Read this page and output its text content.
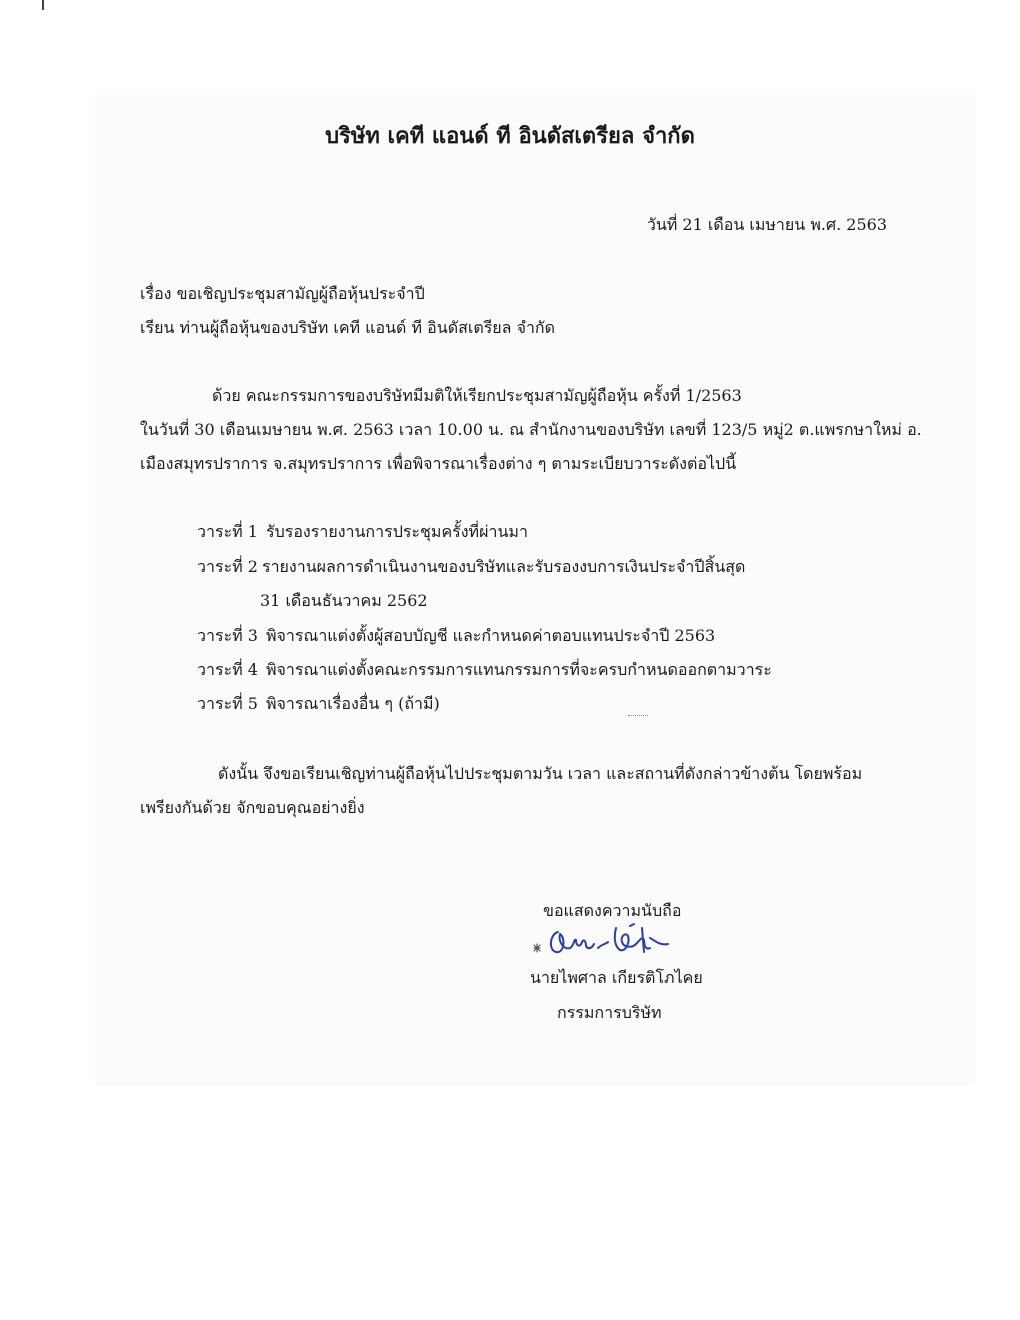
บริษัท เคที แอนด์ ที อินดัสเตรียล จำกัด
วันที่ 21 เดือน เมษายน พ.ศ. 2563
เรื่อง ขอเชิญประชุมสามัญผู้ถือหุ้นประจำปี
เรียน ท่านผู้ถือหุ้นของบริษัท เคที แอนด์ ที อินดัสเตรียล จำกัด
ด้วย คณะกรรมการของบริษัทมีมติให้เรียกประชุมสามัญผู้ถือหุ้น ครั้งที่ 1/2563
ในวันที่ 30 เดือนเมษายน พ.ศ. 2563 เวลา 10.00 น. ณ สำนักงานของบริษัท เลขที่ 123/5 หมู่2 ต.แพรกษาใหม่ อ.
เมืองสมุทรปราการ จ.สมุทรปราการ เพื่อพิจารณาเรื่องต่าง ๆ ตามระเบียบวาระดังต่อไปนี้
วาระที่ 1 รับรองรายงานการประชุมครั้งที่ผ่านมา
วาระที่ 2 รายงานผลการดำเนินงานของบริษัทและรับรองงบการเงินประจำปีสิ้นสุด
31 เดือนธันวาคม 2562
วาระที่ 3 พิจารณาแต่งตั้งผู้สอบบัญชี และกำหนดค่าตอบแทนประจำปี 2563
วาระที่ 4 พิจารณาแต่งตั้งคณะกรรมการแทนกรรมการที่จะครบกำหนดออกตามวาระ
วาระที่ 5 พิจารณาเรื่องอื่น ๆ (ถ้ามี)
ดังนั้น จึงขอเรียนเชิญท่านผู้ถือหุ้นไปประชุมตามวัน เวลา และสถานที่ดังกล่าวข้างต้น โดยพร้อม
เพรียงกันด้วย จักขอบคุณอย่างยิ่ง
ขอแสดงความนับถือ
นายไพศาล เกียรติโภไคย
กรรมการบริษัท
